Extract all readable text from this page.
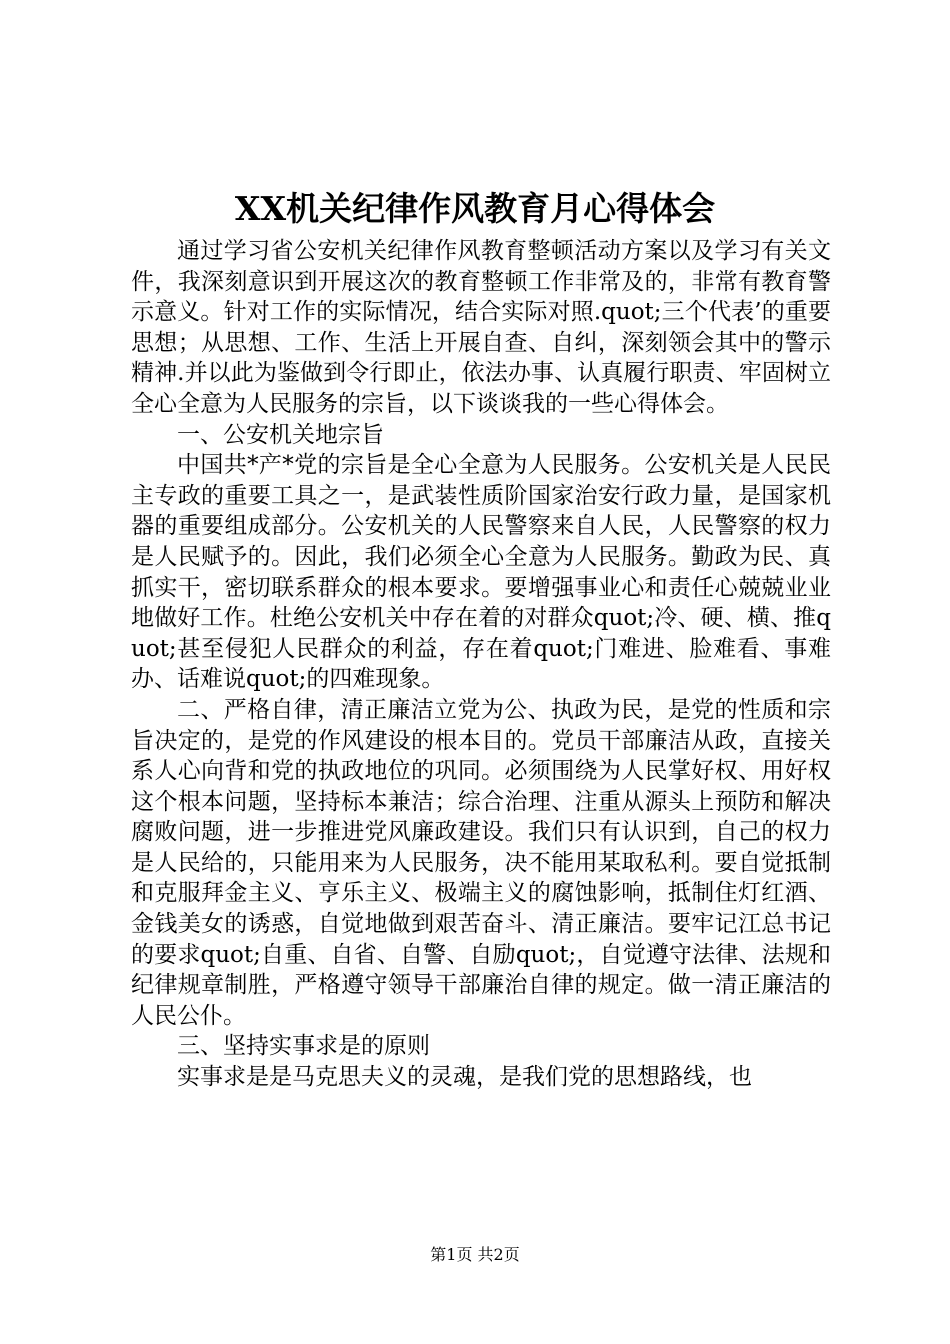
XX机关纪律作风教育月心得体会

通过学习省公安机关纪律作风教育整顿活动方案以及学习有关文件，我深刻意识到开展这次的教育整顿工作非常及的，非常有教育警示意义。针对工作的实际情况，结合实际对照.quot;三个代表’的重要思想；从思想、工作、生活上开展自查、自纠，深刻领会其中的警示精神.并以此为鉴做到令行即止，依法办事、认真履行职责、牢固树立全心全意为人民服务的宗旨，以下谈谈我的一些心得体会。

一、公安机关地宗旨

中国共*产*党的宗旨是全心全意为人民服务。公安机关是人民民主专政的重要工具之一，是武装性质阶国家治安行政力量，是国家机器的重要组成部分。公安机关的人民警察来自人民，人民警察的权力是人民赋予的。因此，我们必须全心全意为人民服务。勤政为民、真抓实干，密切联系群众的根本要求。要增强事业心和责任心兢兢业业地做好工作。杜绝公安机关中存在着的对群众quot;冷、硬、横、推quot;甚至侵犯人民群众的利益，存在着quot;门难进、脸难看、事难办、话难说quot;的四难现象。

二、严格自律，清正廉洁立党为公、执政为民，是党的性质和宗旨决定的，是党的作风建设的根本目的。党员干部廉洁从政，直接关系人心向背和党的执政地位的巩同。必须围绕为人民掌好权、用好权这个根本问题，坚持标本兼洁；综合治理、注重从源头上预防和解决腐败问题，进一步推进党风廉政建设。我们只有认识到，自己的权力是人民给的，只能用来为人民服务，决不能用某取私利。要自觉抵制和克服拜金主义、亨乐主义、极端主义的腐蚀影响，抵制住灯红酒、金钱美女的诱惑，自觉地做到艰苦奋斗、清正廉洁。要牢记江总书记的要求quot;自重、自省、自警、自励quot;，自觉遵守法律、法规和纪律规章制胜，严格遵守领导干部廉治自律的规定。做一清正廉洁的人民公仆。

三、坚持实事求是的原则

实事求是是马克思夫义的灵魂，是我们党的思想路线，也

第1页 共2页
